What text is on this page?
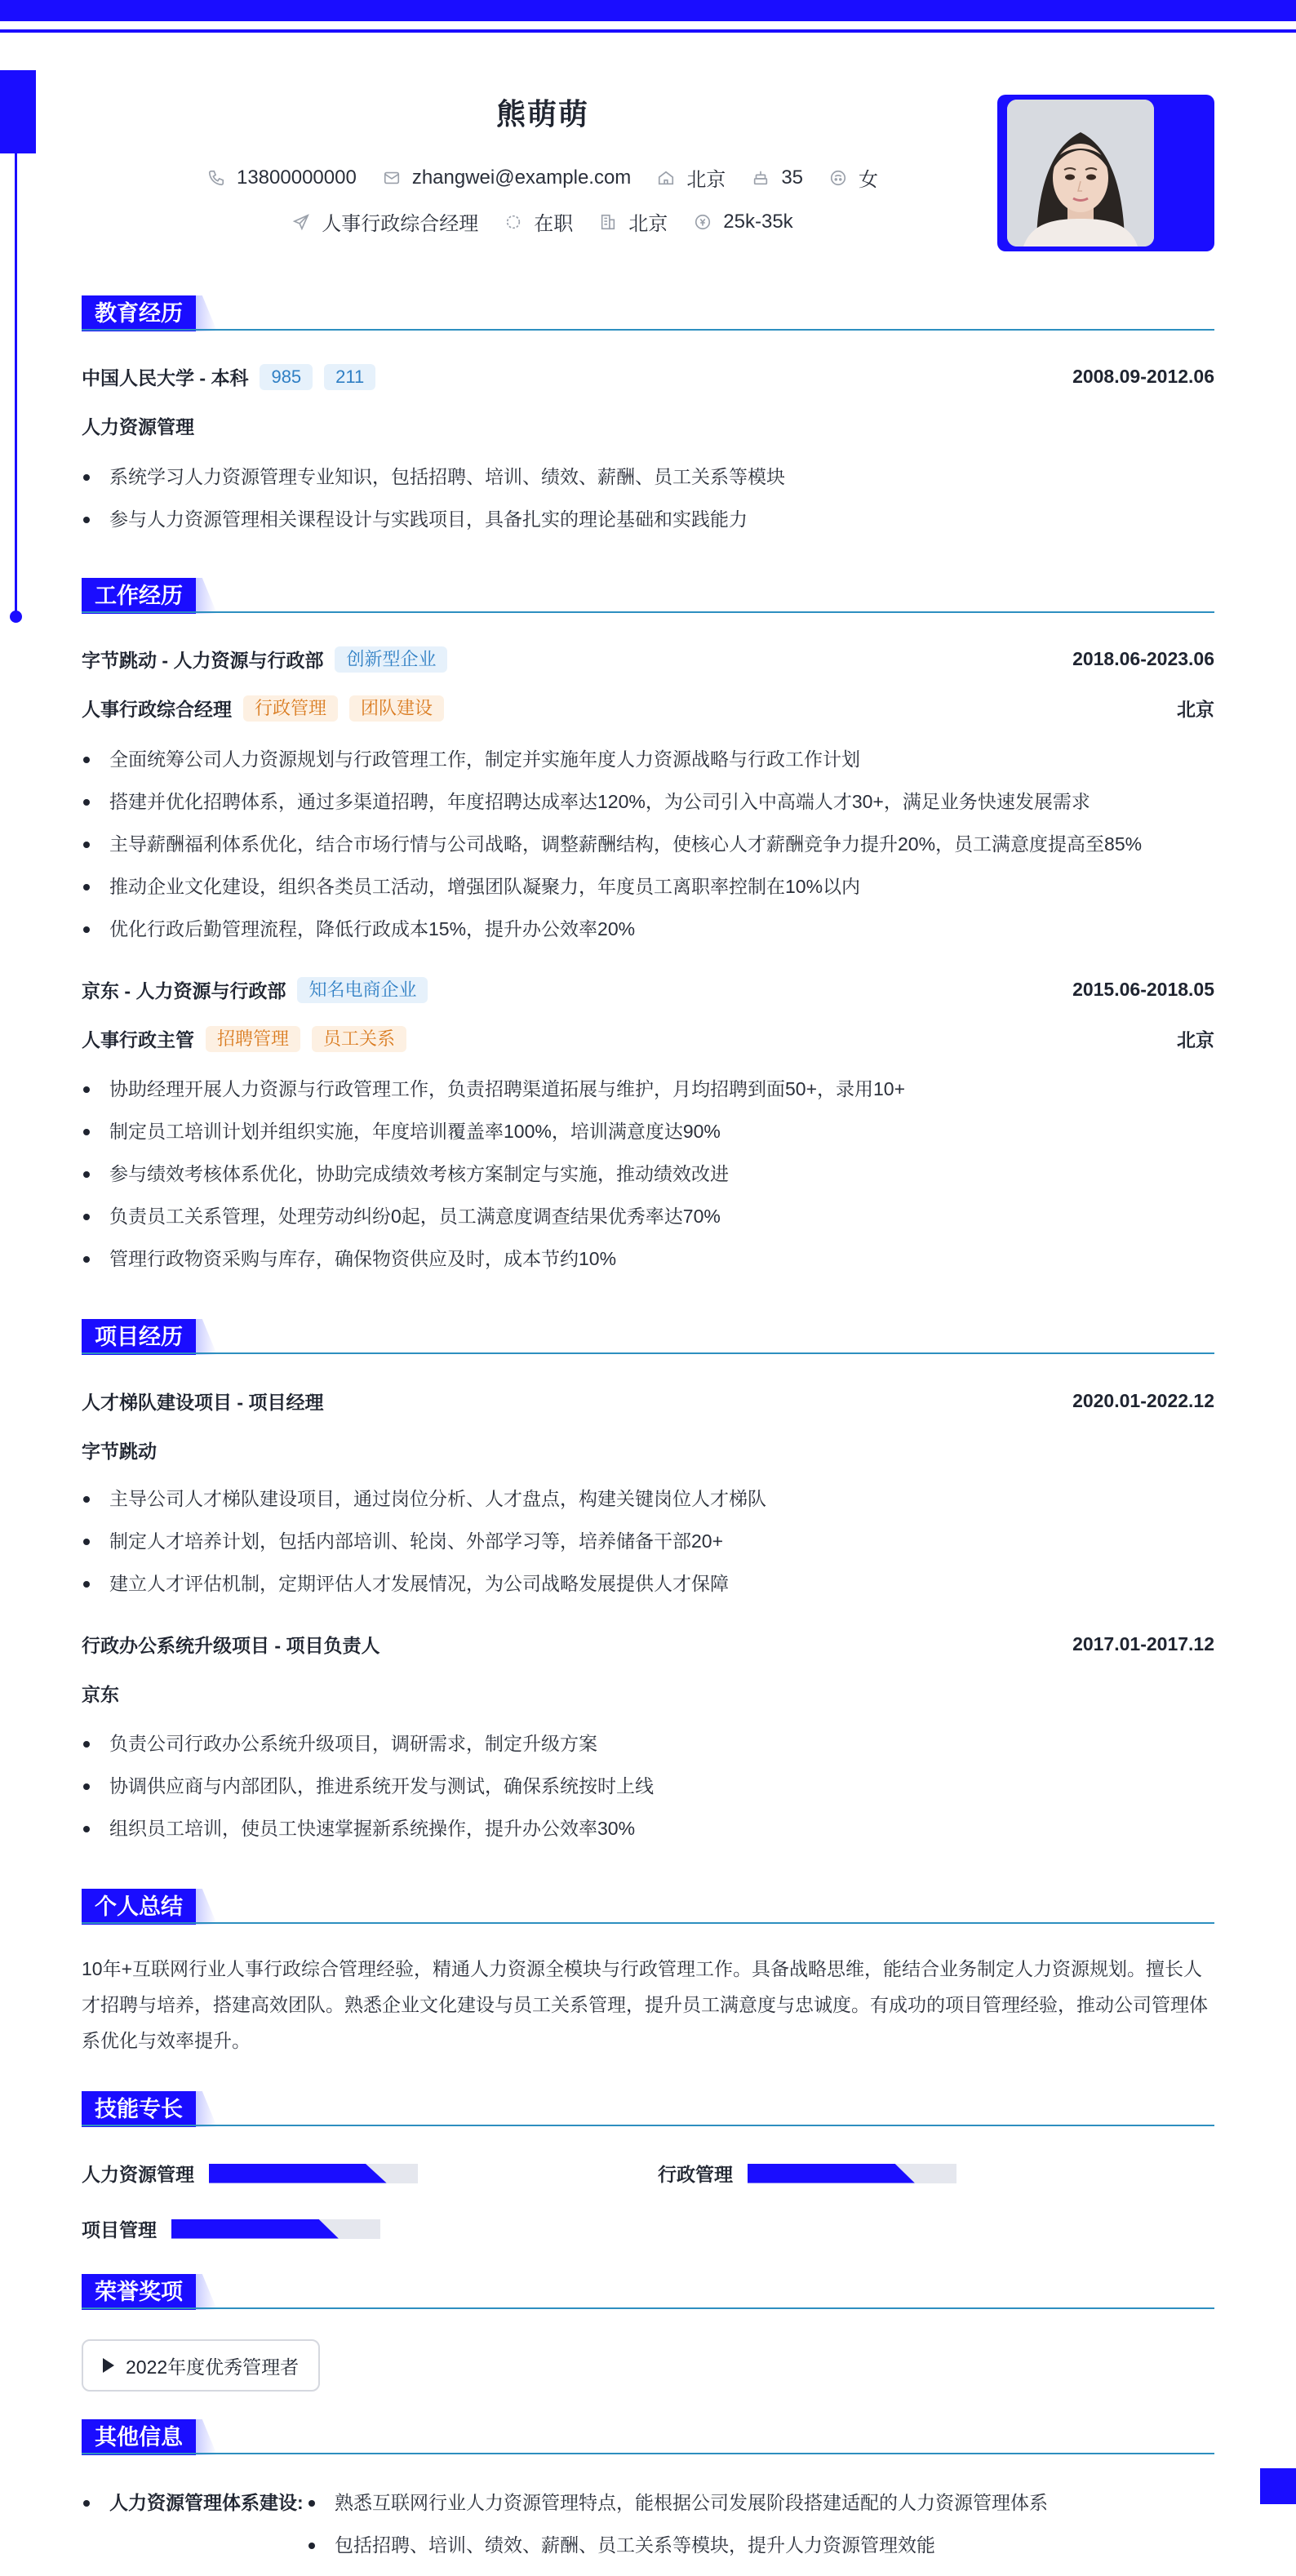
熊萌萌
13800000000	zhangwei@example.com	北京	35	女
人事行政综合经理	在职	北京	25k-35k
教育经历
中国人民大学 - 本科	985	211	2008.09-2012.06
人力资源管理
系统学习人力资源管理专业知识，包括招聘、培训、绩效、薪酬、员工关系等模块
参与人力资源管理相关课程设计与实践项目，具备扎实的理论基础和实践能力
工作经历
字节跳动 - 人力资源与行政部	创新型企业	2018.06-2023.06
人事行政综合经理	行政管理	团队建设	北京
全面统筹公司人力资源规划与行政管理工作，制定并实施年度人力资源战略与行政工作计划
搭建并优化招聘体系，通过多渠道招聘，年度招聘达成率达120%，为公司引入中高端人才30+，满足业务快速发展需求
主导薪酬福利体系优化，结合市场行情与公司战略，调整薪酬结构，使核心人才薪酬竞争力提升20%，员工满意度提高至85%
推动企业文化建设，组织各类员工活动，增强团队凝聚力，年度员工离职率控制在10%以内
优化行政后勤管理流程，降低行政成本15%，提升办公效率20%
京东 - 人力资源与行政部	知名电商企业	2015.06-2018.05
人事行政主管	招聘管理	员工关系	北京
协助经理开展人力资源与行政管理工作，负责招聘渠道拓展与维护，月均招聘到面50+，录用10+
制定员工培训计划并组织实施，年度培训覆盖率100%，培训满意度达90%
参与绩效考核体系优化，协助完成绩效考核方案制定与实施，推动绩效改进
负责员工关系管理，处理劳动纠纷0起，员工满意度调查结果优秀率达70%
管理行政物资采购与库存，确保物资供应及时，成本节约10%
项目经历
人才梯队建设项目 - 项目经理	2020.01-2022.12
字节跳动
主导公司人才梯队建设项目，通过岗位分析、人才盘点，构建关键岗位人才梯队
制定人才培养计划，包括内部培训、轮岗、外部学习等，培养储备干部20+
建立人才评估机制，定期评估人才发展情况，为公司战略发展提供人才保障
行政办公系统升级项目 - 项目负责人	2017.01-2017.12
京东
负责公司行政办公系统升级项目，调研需求，制定升级方案
协调供应商与内部团队，推进系统开发与测试，确保系统按时上线
组织员工培训，使员工快速掌握新系统操作，提升办公效率30%
个人总结
10年+互联网行业人事行政综合管理经验，精通人力资源全模块与行政管理工作。具备战略思维，能结合业务制定人力资源规划。擅长人才招聘与培养，搭建高效团队。熟悉企业文化建设与员工关系管理，提升员工满意度与忠诚度。有成功的项目管理经验，推动公司管理体系优化与效率提升。
技能专长
人力资源管理	行政管理
项目管理
荣誉奖项
2022年度优秀管理者
其他信息
人力资源管理体系建设:	熟悉互联网行业人力资源管理特点，能根据公司发展阶段搭建适配的人力资源管理体系
包括招聘、培训、绩效、薪酬、员工关系等模块，提升人力资源管理效能
